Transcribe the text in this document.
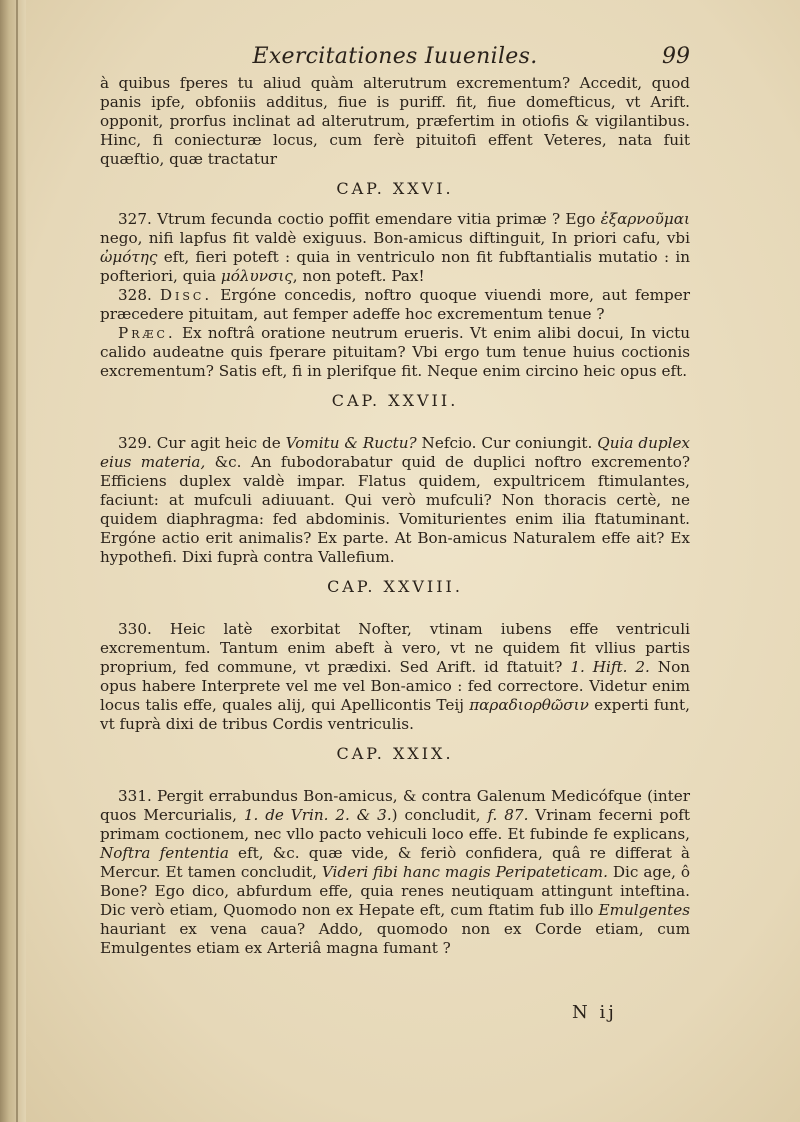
Exercitationes Iuueniles.	99

à quibus fperes tu aliud quàm alterutrum excrementum? Accedit, quod panis ipfe, obfoniis additus, fiue is puriff. fit, fiue domefticus, vt Arift. opponit, prorfus inclinat ad alterutrum, præfertim in otiofis & vigilantibus. Hinc, fi coniecturæ locus, cum ferè pituitofi effent Veteres, nata fuit quæftio, quæ tractatur

CAP. XXVI.

327. Vtrum fecunda coctio poffit emendare vitia primæ ? Ego ἐξαρνοῦμαι nego, nifi lapfus fit valdè exiguus. Bon-amicus diftinguit, In priori cafu, vbi ὠμότης eft, fieri poteft : quia in ventriculo non fit fubftantialis mutatio : in pofteriori, quia μόλυνσις, non poteft. Pax!

328. Disc. Ergóne concedis, noftro quoque viuendi more, aut femper præcedere pituitam, aut femper adeffe hoc excrementum tenue ?

Præc. Ex noftrâ oratione neutrum erueris. Vt enim alibi docui, In victu calido audeatne quis fperare pituitam? Vbi ergo tum tenue huius coctionis excrementum? Satis eft, fi in plerifque fit. Neque enim circino heic opus eft.

CAP. XXVII.

329. Cur agit heic de Vomitu & Ructu? Nefcio. Cur coniungit. Quia duplex eius materia, &c. An fubodorabatur quid de duplici noftro excremento? Efficiens duplex valdè impar. Flatus quidem, expultricem ftimulantes, faciunt: at mufculi adiuuant. Qui verò mufculi? Non thoracis certè, ne quidem diaphragma: fed abdominis. Vomiturientes enim ilia ftatuminant. Ergóne actio erit animalis? Ex parte. At Bon-amicus Naturalem effe ait? Ex hypothefi. Dixi fuprà contra Vallefium.

CAP. XXVIII.

330. Heic latè exorbitat Nofter, vtinam iubens effe ventriculi excrementum. Tantum enim abeft à vero, vt ne quidem fit vllius partis proprium, fed commune, vt prædixi. Sed Arift. id ftatuit? 1. Hift. 2. Non opus habere Interprete vel me vel Bon-amico : fed correctore. Videtur enim locus talis effe, quales alij, qui Apellicontis Teij παραδιορθῶσιν experti funt, vt fuprà dixi de tribus Cordis ventriculis.

CAP. XXIX.

331. Pergit errabundus Bon-amicus, & contra Galenum Medicófque (inter quos Mercurialis, 1. de Vrin. 2. & 3.) concludit, f. 87. Vrinam fecerni poft primam coctionem, nec vllo pacto vehiculi loco effe. Et fubinde fe explicans, Noftra fententia eft, &c. quæ vide, & feriò confidera, quâ re differat à Mercur. Et tamen concludit, Videri fibi hanc magis Peripateticam. Dic age, ô Bone? Ego dico, abfurdum effe, quia renes neutiquam attingunt inteftina. Dic verò etiam, Quomodo non ex Hepate eft, cum ftatim fub illo Emulgentes hauriant ex vena caua? Addo, quomodo non ex Corde etiam, cum Emulgentes etiam ex Arteriâ magna fumant ?

N ij
